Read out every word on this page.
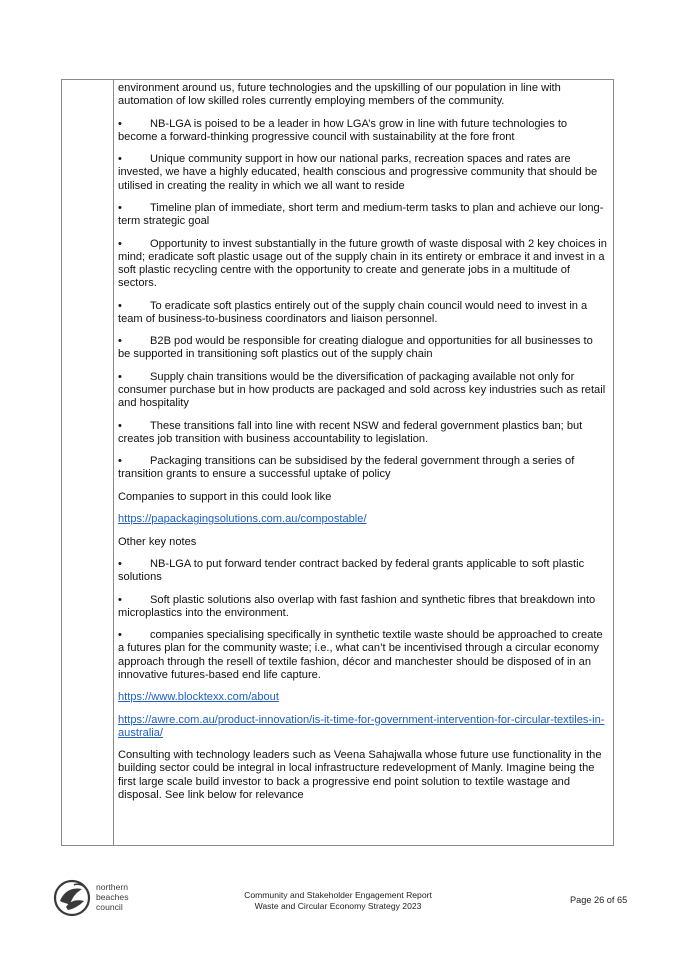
environment around us, future technologies and the upskilling of our population in line with automation of low skilled roles currently employing members of the community.

•	NB-LGA is poised to be a leader in how LGA’s grow in line with future technologies to become a forward-thinking progressive council with sustainability at the fore front

•	Unique community support in how our national parks, recreation spaces and rates are invested, we have a highly educated, health conscious and progressive community that should be utilised in creating the reality in which we all want to reside

•	Timeline plan of immediate, short term and medium-term tasks to plan and achieve our long-term strategic goal

•	Opportunity to invest substantially in the future growth of waste disposal with 2 key choices in mind; eradicate soft plastic usage out of the supply chain in its entirety or embrace it and invest in a soft plastic recycling centre with the opportunity to create and generate jobs in a multitude of sectors.

•	To eradicate soft plastics entirely out of the supply chain council would need to invest in a team of business-to-business coordinators and liaison personnel.

•	B2B pod would be responsible for creating dialogue and opportunities for all businesses to be supported in transitioning soft plastics out of the supply chain

•	Supply chain transitions would be the diversification of packaging available not only for consumer purchase but in how products are packaged and sold across key industries such as retail and hospitality

•	These transitions fall into line with recent NSW and federal government plastics ban; but creates job transition with business accountability to legislation.

•	Packaging transitions can be subsidised by the federal government through a series of transition grants to ensure a successful uptake of policy

Companies to support in this could look like

https://papackagingsolutions.com.au/compostable/

Other key notes

•	NB-LGA to put forward tender contract backed by federal grants applicable to soft plastic solutions

•	Soft plastic solutions also overlap with fast fashion and synthetic fibres that breakdown into microplastics into the environment.

•	companies specialising specifically in synthetic textile waste should be approached to create a futures plan for the community waste; i.e., what can’t be incentivised through a circular economy approach through the resell of textile fashion, décor and manchester should be disposed of in an innovative futures-based end life capture.

https://www.blocktexx.com/about

https://awre.com.au/product-innovation/is-it-time-for-government-intervention-for-circular-textiles-in-australia/

Consulting with technology leaders such as Veena Sahajwalla whose future use functionality in the building sector could be integral in local infrastructure redevelopment of Manly. Imagine being the first large scale build investor to back a progressive end point solution to textile wastage and disposal. See link below for relevance

northern
beaches
council
Community and Stakeholder Engagement Report
Waste and Circular Economy Strategy 2023
Page 26 of 65
